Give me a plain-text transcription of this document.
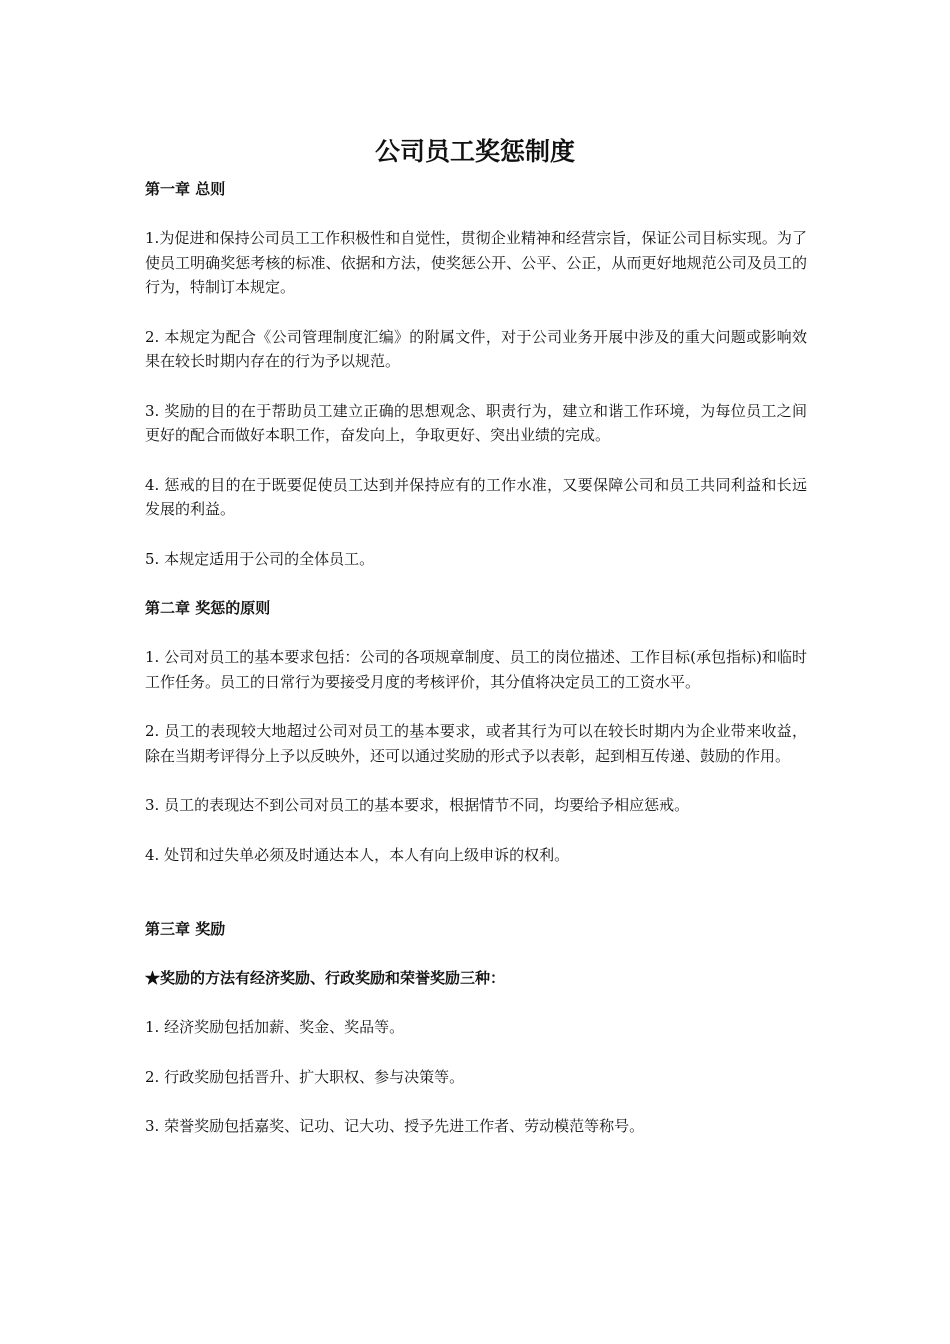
公司员工奖惩制度
第一章 总则
1.为促进和保持公司员工工作积极性和自觉性，贯彻企业精神和经营宗旨，保证公司目标实现。为了使员工明确奖惩考核的标准、依据和方法，使奖惩公开、公平、公正，从而更好地规范公司及员工的行为，特制订本规定。
2. 本规定为配合《公司管理制度汇编》的附属文件，对于公司业务开展中涉及的重大问题或影响效果在较长时期内存在的行为予以规范。
3. 奖励的目的在于帮助员工建立正确的思想观念、职责行为，建立和谐工作环境，为每位员工之间更好的配合而做好本职工作，奋发向上，争取更好、突出业绩的完成。
4. 惩戒的目的在于既要促使员工达到并保持应有的工作水准，又要保障公司和员工共同利益和长远发展的利益。
5. 本规定适用于公司的全体员工。
第二章 奖惩的原则
1. 公司对员工的基本要求包括：公司的各项规章制度、员工的岗位描述、工作目标(承包指标)和临时工作任务。员工的日常行为要接受月度的考核评价，其分值将决定员工的工资水平。
2. 员工的表现较大地超过公司对员工的基本要求，或者其行为可以在较长时期内为企业带来收益，除在当期考评得分上予以反映外，还可以通过奖励的形式予以表彰，起到相互传递、鼓励的作用。
3. 员工的表现达不到公司对员工的基本要求，根据情节不同，均要给予相应惩戒。
4. 处罚和过失单必须及时通达本人，本人有向上级申诉的权利。
第三章 奖励
★奖励的方法有经济奖励、行政奖励和荣誉奖励三种：
1. 经济奖励包括加薪、奖金、奖品等。
2. 行政奖励包括晋升、扩大职权、参与决策等。
3. 荣誉奖励包括嘉奖、记功、记大功、授予先进工作者、劳动模范等称号。
